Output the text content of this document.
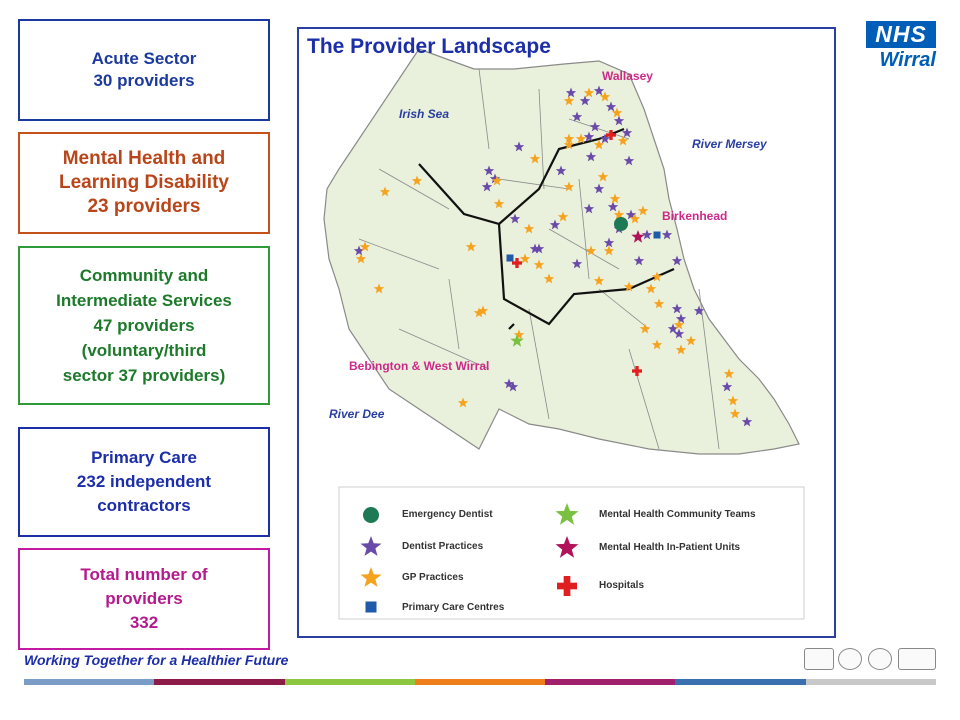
Acute Sector
30 providers
Mental Health and
Learning Disability
23 providers
Community and
Intermediate Services
47 providers
(voluntary/third
sector 37 providers)
Primary Care
232 independent
contractors
Total number of
providers
332
The Provider Landscape
Wallasey
Birkenhead
Bebington & West Wirral
Irish Sea
River Mersey
River Dee
Emergency Dentist
Dentist Practices
GP Practices
Primary Care Centres
Mental Health Community Teams
Mental Health In-Patient Units
Hospitals
NHS
Wirral
Working Together for a Healthier Future
